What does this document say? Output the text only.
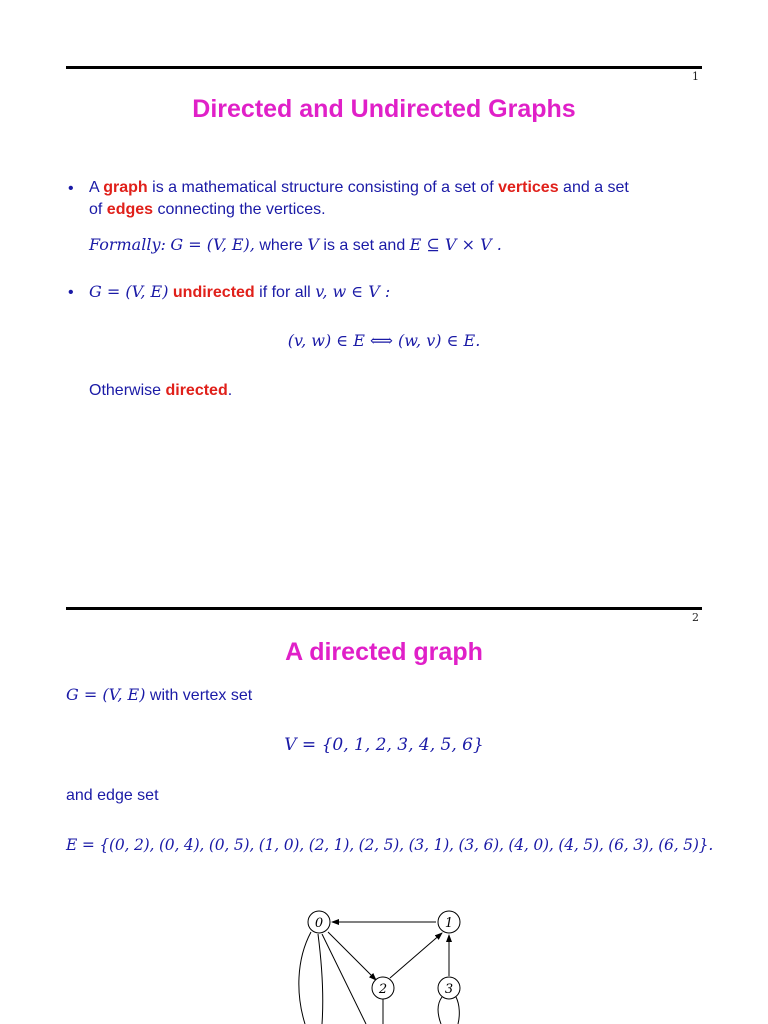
1
Directed and Undirected Graphs
• A graph is a mathematical structure consisting of a set of vertices and a set
of edges connecting the vertices.
Formally: G = (V, E), where V is a set and E ⊆ V × V .
• G = (V, E) undirected if for all v, w ∈ V :
(v, w) ∈ E ⟺ (w, v) ∈ E.
Otherwise directed.
2
A directed graph
G = (V, E) with vertex set
V = {0, 1, 2, 3, 4, 5, 6}
and edge set
E = {(0, 2), (0, 4), (0, 5), (1, 0), (2, 1), (2, 5), (3, 1), (3, 6), (4, 0), (4, 5), (6, 3), (6, 5)}.
0	1
2	3
